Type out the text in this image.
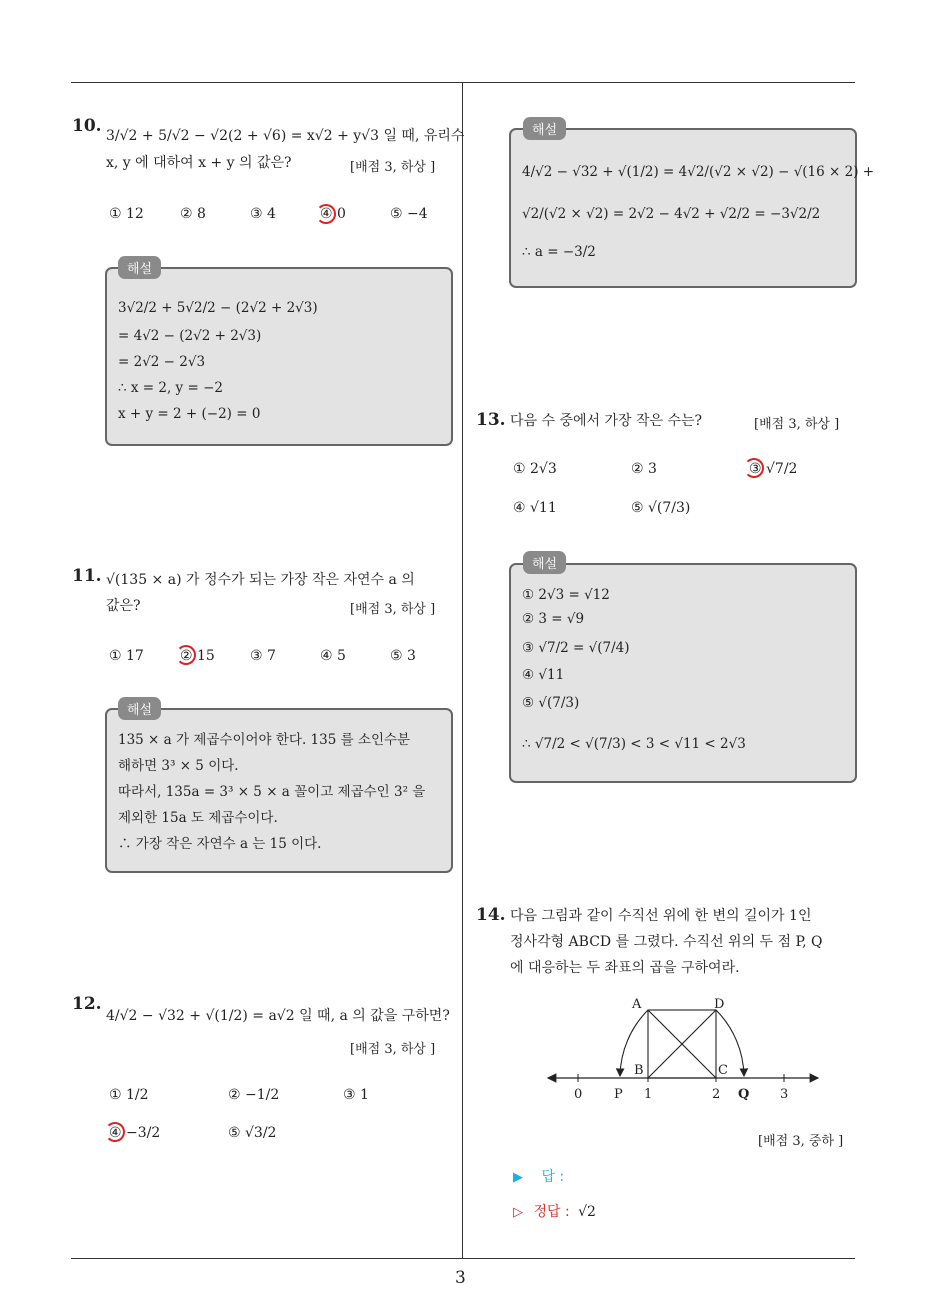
10. 3/√2 + 5/√2 − √2(2 + √6) = x√2 + y√3 일 때, 유리수
x, y 에 대하여 x + y 의 값은?	[배점 3, 하상 ]
① 12	② 8	③ 4	④ 0	⑤ −4
해설
3√2/2 + 5√2/2 − (2√2 + 2√3)
= 4√2 − (2√2 + 2√3)
= 2√2 − 2√3
∴ x = 2, y = −2
x + y = 2 + (−2) = 0
11. √(135 × a) 가 정수가 되는 가장 작은 자연수 a 의
값은?	[배점 3, 하상 ]
① 17	② 15	③ 7	④ 5	⑤ 3
해설
135 × a 가 제곱수이어야 한다. 135 를 소인수분
해하면 3³ × 5 이다.
따라서, 135a = 3³ × 5 × a 꼴이고 제곱수인 3² 을
제외한 15a 도 제곱수이다.
∴ 가장 작은 자연수 a 는 15 이다.
12.
4/√2 − √32 + √(1/2) = a√2 일 때, a 의 값을 구하면?
[배점 3, 하상 ]
① 1/2	② −1/2	③ 1
④ −3/2	⑤ √3/2
해설
4/√2 − √32 + √(1/2) = 4√2/(√2 × √2) − √(16 × 2) +
√2/(√2 × √2) = 2√2 − 4√2 + √2/2 = −3√2/2
∴ a = −3/2
13. 다음 수 중에서 가장 작은 수는?	[배점 3, 하상 ]
① 2√3	② 3	③ √7/2
④ √11	⑤ √(7/3)
해설
① 2√3 = √12
② 3 = √9
③ √7/2 = √(7/4)
④ √11
⑤ √(7/3)
∴ √7/2 < √(7/3) < 3 < √11 < 2√3
14. 다음 그림과 같이 수직선 위에 한 변의 길이가 1인
정사각형 ABCD 를 그렸다. 수직선 위의 두 점 P, Q
에 대응하는 두 좌표의 곱을 구하여라.
A	D
B	C
P	Q
0	1	2	3
[배점 3, 중하 ]
▶ 답 :
▷ 정답 : √2
3
